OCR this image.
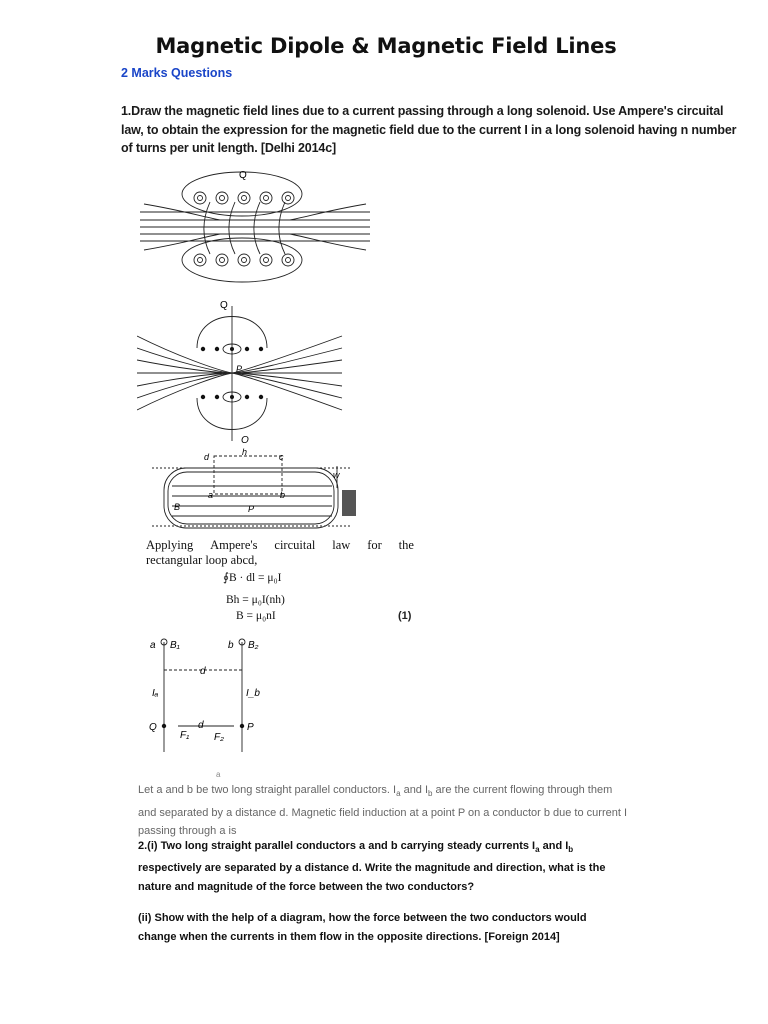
Magnetic Dipole & Magnetic Field Lines
2 Marks Questions
1.Draw the magnetic field lines due to a current passing through a long solenoid. Use Ampere's circuital law, to obtain the expression for the magnetic field due to the current I in a long solenoid having n number of turns per unit length. [Delhi 2014c]
Q
Q
P
O
d	h	c
a	b
B	P
w
Applying Ampere's circuital law for the
rectangular loop abcd,
∮B · dl = μ₀I
Bh = μ₀I(nh)
B = μ₀nI	(1)
a B₁	b B₂
d
Iₐ	I_b
Q	d	P
F₁ F₂
a
Let a and b be two long straight parallel conductors. $I_a$ and $I_b$ are the current flowing through them and separated by a distance d. Magnetic field induction at a point P on a conductor b due to current I passing through a is
2.(i) Two long straight parallel conductors a and b carrying steady currents $I_a$ and $I_b$ respectively are separated by a distance d. Write the magnitude and direction, what is the nature and magnitude of the force between the two conductors?
(ii) Show with the help of a diagram, how the force between the two conductors would change when the currents in them flow in the opposite directions. [Foreign 2014]
